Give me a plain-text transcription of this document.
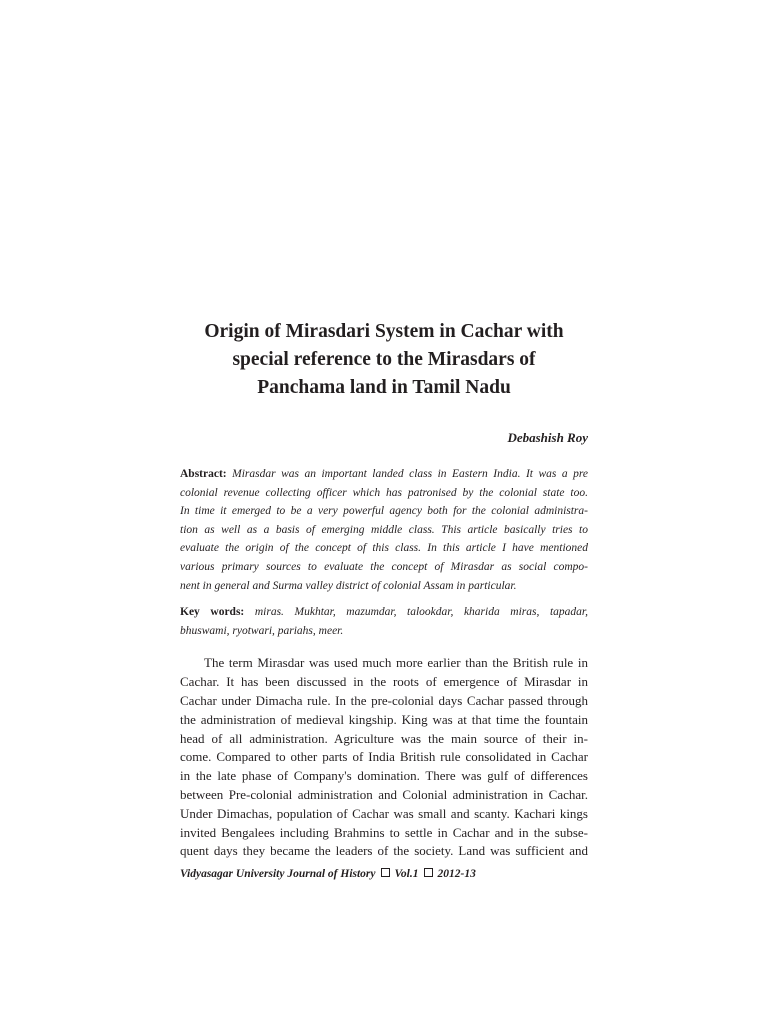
Origin of Mirasdari System in Cachar with
special reference to the Mirasdars of
Panchama land in Tamil Nadu
Debashish Roy
Abstract: Mirasdar was an important landed class in Eastern India. It was a pre
colonial revenue collecting officer which has patronised by the colonial state too.
In time it emerged to be a very powerful agency both for the colonial administra-
tion as well as a basis of emerging middle class. This article basically tries to
evaluate the origin of the concept of this class. In this article I have mentioned
various primary sources to evaluate the concept of Mirasdar as social compo-
nent in general and Surma valley district of colonial Assam in particular.
Key words: miras. Mukhtar, mazumdar, talookdar, kharida miras, tapadar,
bhuswami, ryotwari, pariahs, meer.
The term Mirasdar was used much more earlier than the British rule in
Cachar. It has been discussed in the roots of emergence of Mirasdar in
Cachar under Dimacha rule. In the pre-colonial days Cachar passed through
the administration of medieval kingship. King was at that time the fountain
head of all administration. Agriculture was the main source of their in-
come. Compared to other parts of India British rule consolidated in Cachar
in the late phase of Company's domination. There was gulf of differences
between Pre-colonial administration and Colonial administration in Cachar.
Under Dimachas, population of Cachar was small and scanty. Kachari kings
invited Bengalees including Brahmins to settle in Cachar and in the subse-
quent days they became the leaders of the society. Land was sufficient and
Vidyasagar University Journal of History Vol.1 2012-13
